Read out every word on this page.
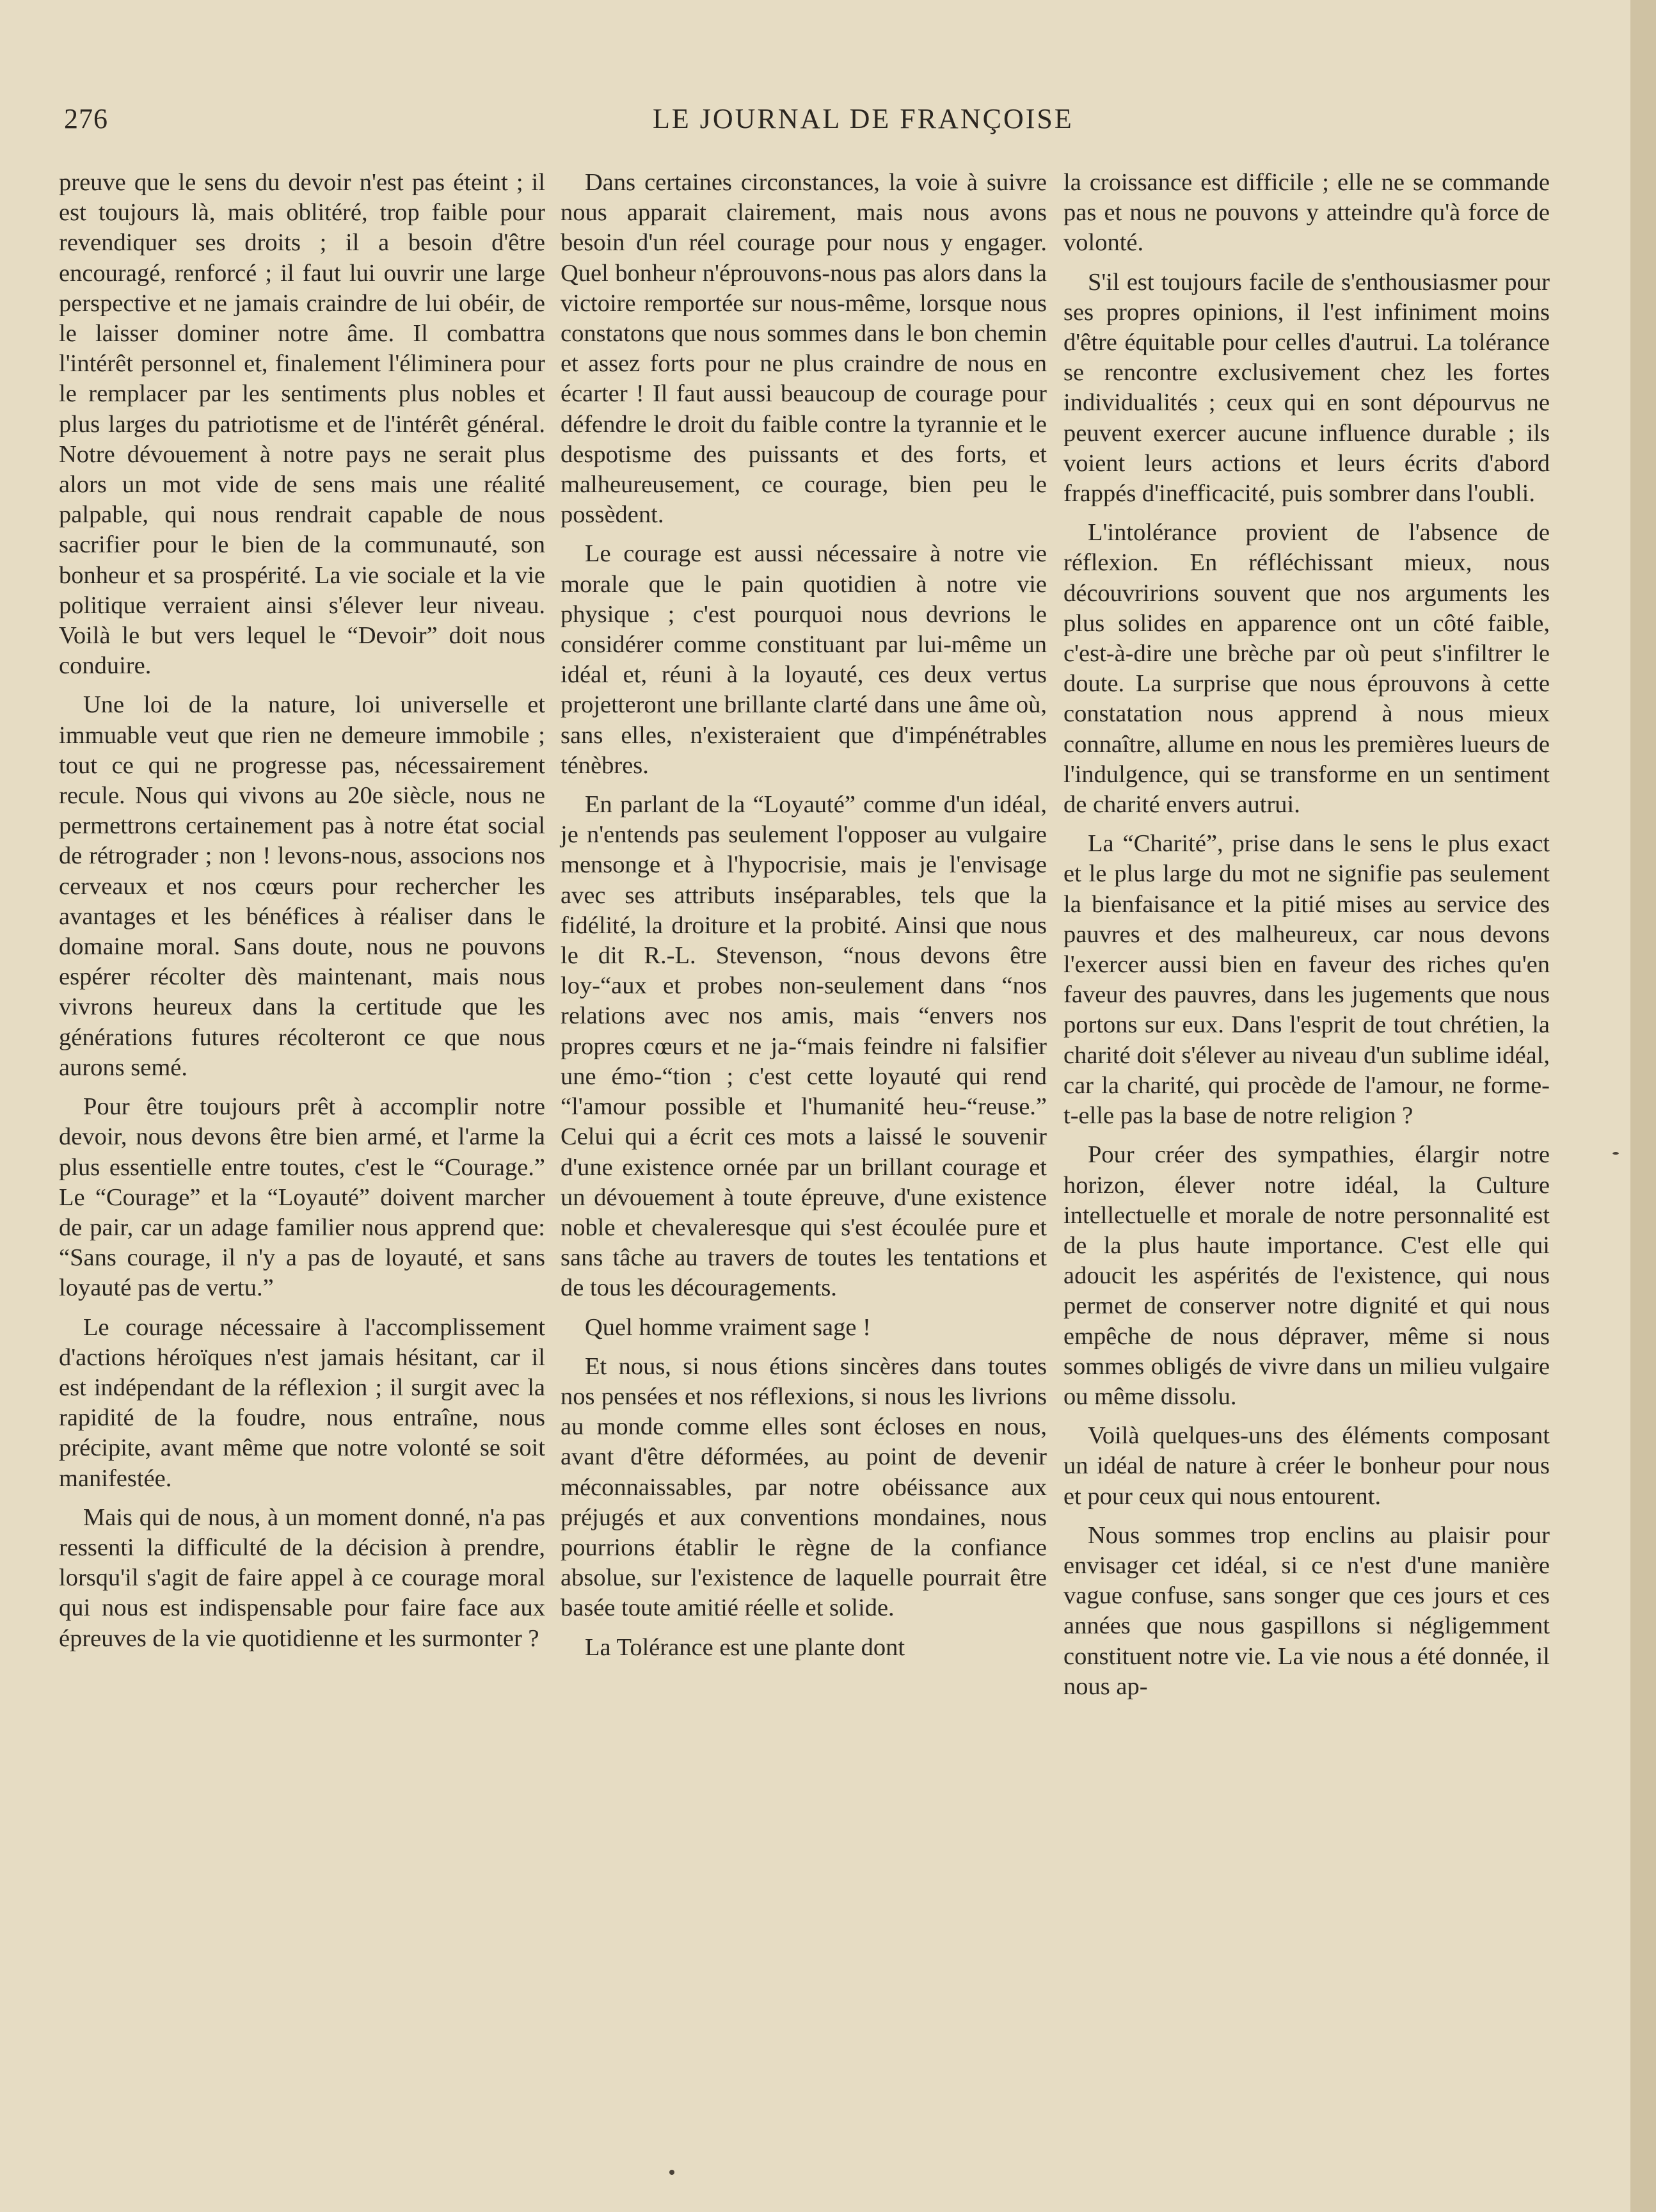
276	LE JOURNAL DE FRANÇOISE

preuve que le sens du devoir n'est pas éteint ; il est toujours là, mais oblitéré, trop faible pour revendiquer ses droits ; il a besoin d'être encouragé, renforcé ; il faut lui ouvrir une large perspective et ne jamais craindre de lui obéir, de le laisser dominer notre âme. Il combattra l'intérêt personnel et, finalement l'éliminera pour le remplacer par les sentiments plus nobles et plus larges du patriotisme et de l'intérêt général. Notre dévouement à notre pays ne serait plus alors un mot vide de sens mais une réalité palpable, qui nous rendrait capable de nous sacrifier pour le bien de la communauté, son bonheur et sa prospérité. La vie sociale et la vie politique verraient ainsi s'élever leur niveau. Voilà le but vers lequel le “Devoir” doit nous conduire.

Une loi de la nature, loi universelle et immuable veut que rien ne demeure immobile ; tout ce qui ne progresse pas, nécessairement recule. Nous qui vivons au 20e siècle, nous ne permettrons certainement pas à notre état social de rétrograder ; non ! levons-nous, associons nos cerveaux et nos cœurs pour rechercher les avantages et les bénéfices à réaliser dans le domaine moral. Sans doute, nous ne pouvons espérer récolter dès maintenant, mais nous vivrons heureux dans la certitude que les générations futures récolteront ce que nous aurons semé.

Pour être toujours prêt à accomplir notre devoir, nous devons être bien armé, et l'arme la plus essentielle entre toutes, c'est le “Courage.” Le “Courage” et la “Loyauté” doivent marcher de pair, car un adage familier nous apprend que: “Sans courage, il n'y a pas de loyauté, et sans loyauté pas de vertu.”

Le courage nécessaire à l'accomplissement d'actions héroïques n'est jamais hésitant, car il est indépendant de la réflexion ; il surgit avec la rapidité de la foudre, nous entraîne, nous précipite, avant même que notre volonté se soit manifestée.

Mais qui de nous, à un moment donné, n'a pas ressenti la difficulté de la décision à prendre, lorsqu'il s'agit de faire appel à ce courage moral qui nous est indispensable pour faire face aux épreuves de la vie quotidienne et les surmonter ?

Dans certaines circonstances, la voie à suivre nous apparait clairement, mais nous avons besoin d'un réel courage pour nous y engager. Quel bonheur n'éprouvons-nous pas alors dans la victoire remportée sur nous-même, lorsque nous constatons que nous sommes dans le bon chemin et assez forts pour ne plus craindre de nous en écarter ! Il faut aussi beaucoup de courage pour défendre le droit du faible contre la tyrannie et le despotisme des puissants et des forts, et malheureusement, ce courage, bien peu le possèdent.

Le courage est aussi nécessaire à notre vie morale que le pain quotidien à notre vie physique ; c'est pourquoi nous devrions le considérer comme constituant par lui-même un idéal et, réuni à la loyauté, ces deux vertus projetteront une brillante clarté dans une âme où, sans elles, n'existeraient que d'impénétrables ténèbres.

En parlant de la “Loyauté” comme d'un idéal, je n'entends pas seulement l'opposer au vulgaire mensonge et à l'hypocrisie, mais je l'envisage avec ses attributs inséparables, tels que la fidélité, la droiture et la probité. Ainsi que nous le dit R.-L. Stevenson, “nous devons être loy-“aux et probes non-seulement dans “nos relations avec nos amis, mais “envers nos propres cœurs et ne ja-“mais feindre ni falsifier une émo-“tion ; c'est cette loyauté qui rend “l'amour possible et l'humanité heu-“reuse.” Celui qui a écrit ces mots a laissé le souvenir d'une existence ornée par un brillant courage et un dévouement à toute épreuve, d'une existence noble et chevaleresque qui s'est écoulée pure et sans tâche au travers de toutes les tentations et de tous les découragements.

Quel homme vraiment sage !

Et nous, si nous étions sincères dans toutes nos pensées et nos réflexions, si nous les livrions au monde comme elles sont écloses en nous, avant d'être déformées, au point de devenir méconnaissables, par notre obéissance aux préjugés et aux conventions mondaines, nous pourrions établir le règne de la confiance absolue, sur l'existence de laquelle pourrait être basée toute amitié réelle et solide.

La Tolérance est une plante dont

la croissance est difficile ; elle ne se commande pas et nous ne pouvons y atteindre qu'à force de volonté.

S'il est toujours facile de s'enthousiasmer pour ses propres opinions, il l'est infiniment moins d'être équitable pour celles d'autrui. La tolérance se rencontre exclusivement chez les fortes individualités ; ceux qui en sont dépourvus ne peuvent exercer aucune influence durable ; ils voient leurs actions et leurs écrits d'abord frappés d'inefficacité, puis sombrer dans l'oubli.

L'intolérance provient de l'absence de réflexion. En réfléchissant mieux, nous découvririons souvent que nos arguments les plus solides en apparence ont un côté faible, c'est-à-dire une brèche par où peut s'infiltrer le doute. La surprise que nous éprouvons à cette constatation nous apprend à nous mieux connaître, allume en nous les premières lueurs de l'indulgence, qui se transforme en un sentiment de charité envers autrui.

La “Charité”, prise dans le sens le plus exact et le plus large du mot ne signifie pas seulement la bienfaisance et la pitié mises au service des pauvres et des malheureux, car nous devons l'exercer aussi bien en faveur des riches qu'en faveur des pauvres, dans les jugements que nous portons sur eux. Dans l'esprit de tout chrétien, la charité doit s'élever au niveau d'un sublime idéal, car la charité, qui procède de l'amour, ne forme-t-elle pas la base de notre religion ?

Pour créer des sympathies, élargir notre horizon, élever notre idéal, la Culture intellectuelle et morale de notre personnalité est de la plus haute importance. C'est elle qui adoucit les aspérités de l'existence, qui nous permet de conserver notre dignité et qui nous empêche de nous dépraver, même si nous sommes obligés de vivre dans un milieu vulgaire ou même dissolu.

Voilà quelques-uns des éléments composant un idéal de nature à créer le bonheur pour nous et pour ceux qui nous entourent.

Nous sommes trop enclins au plaisir pour envisager cet idéal, si ce n'est d'une manière vague confuse, sans songer que ces jours et ces années que nous gaspillons si négligemment constituent notre vie. La vie nous a été donnée, il nous ap-
